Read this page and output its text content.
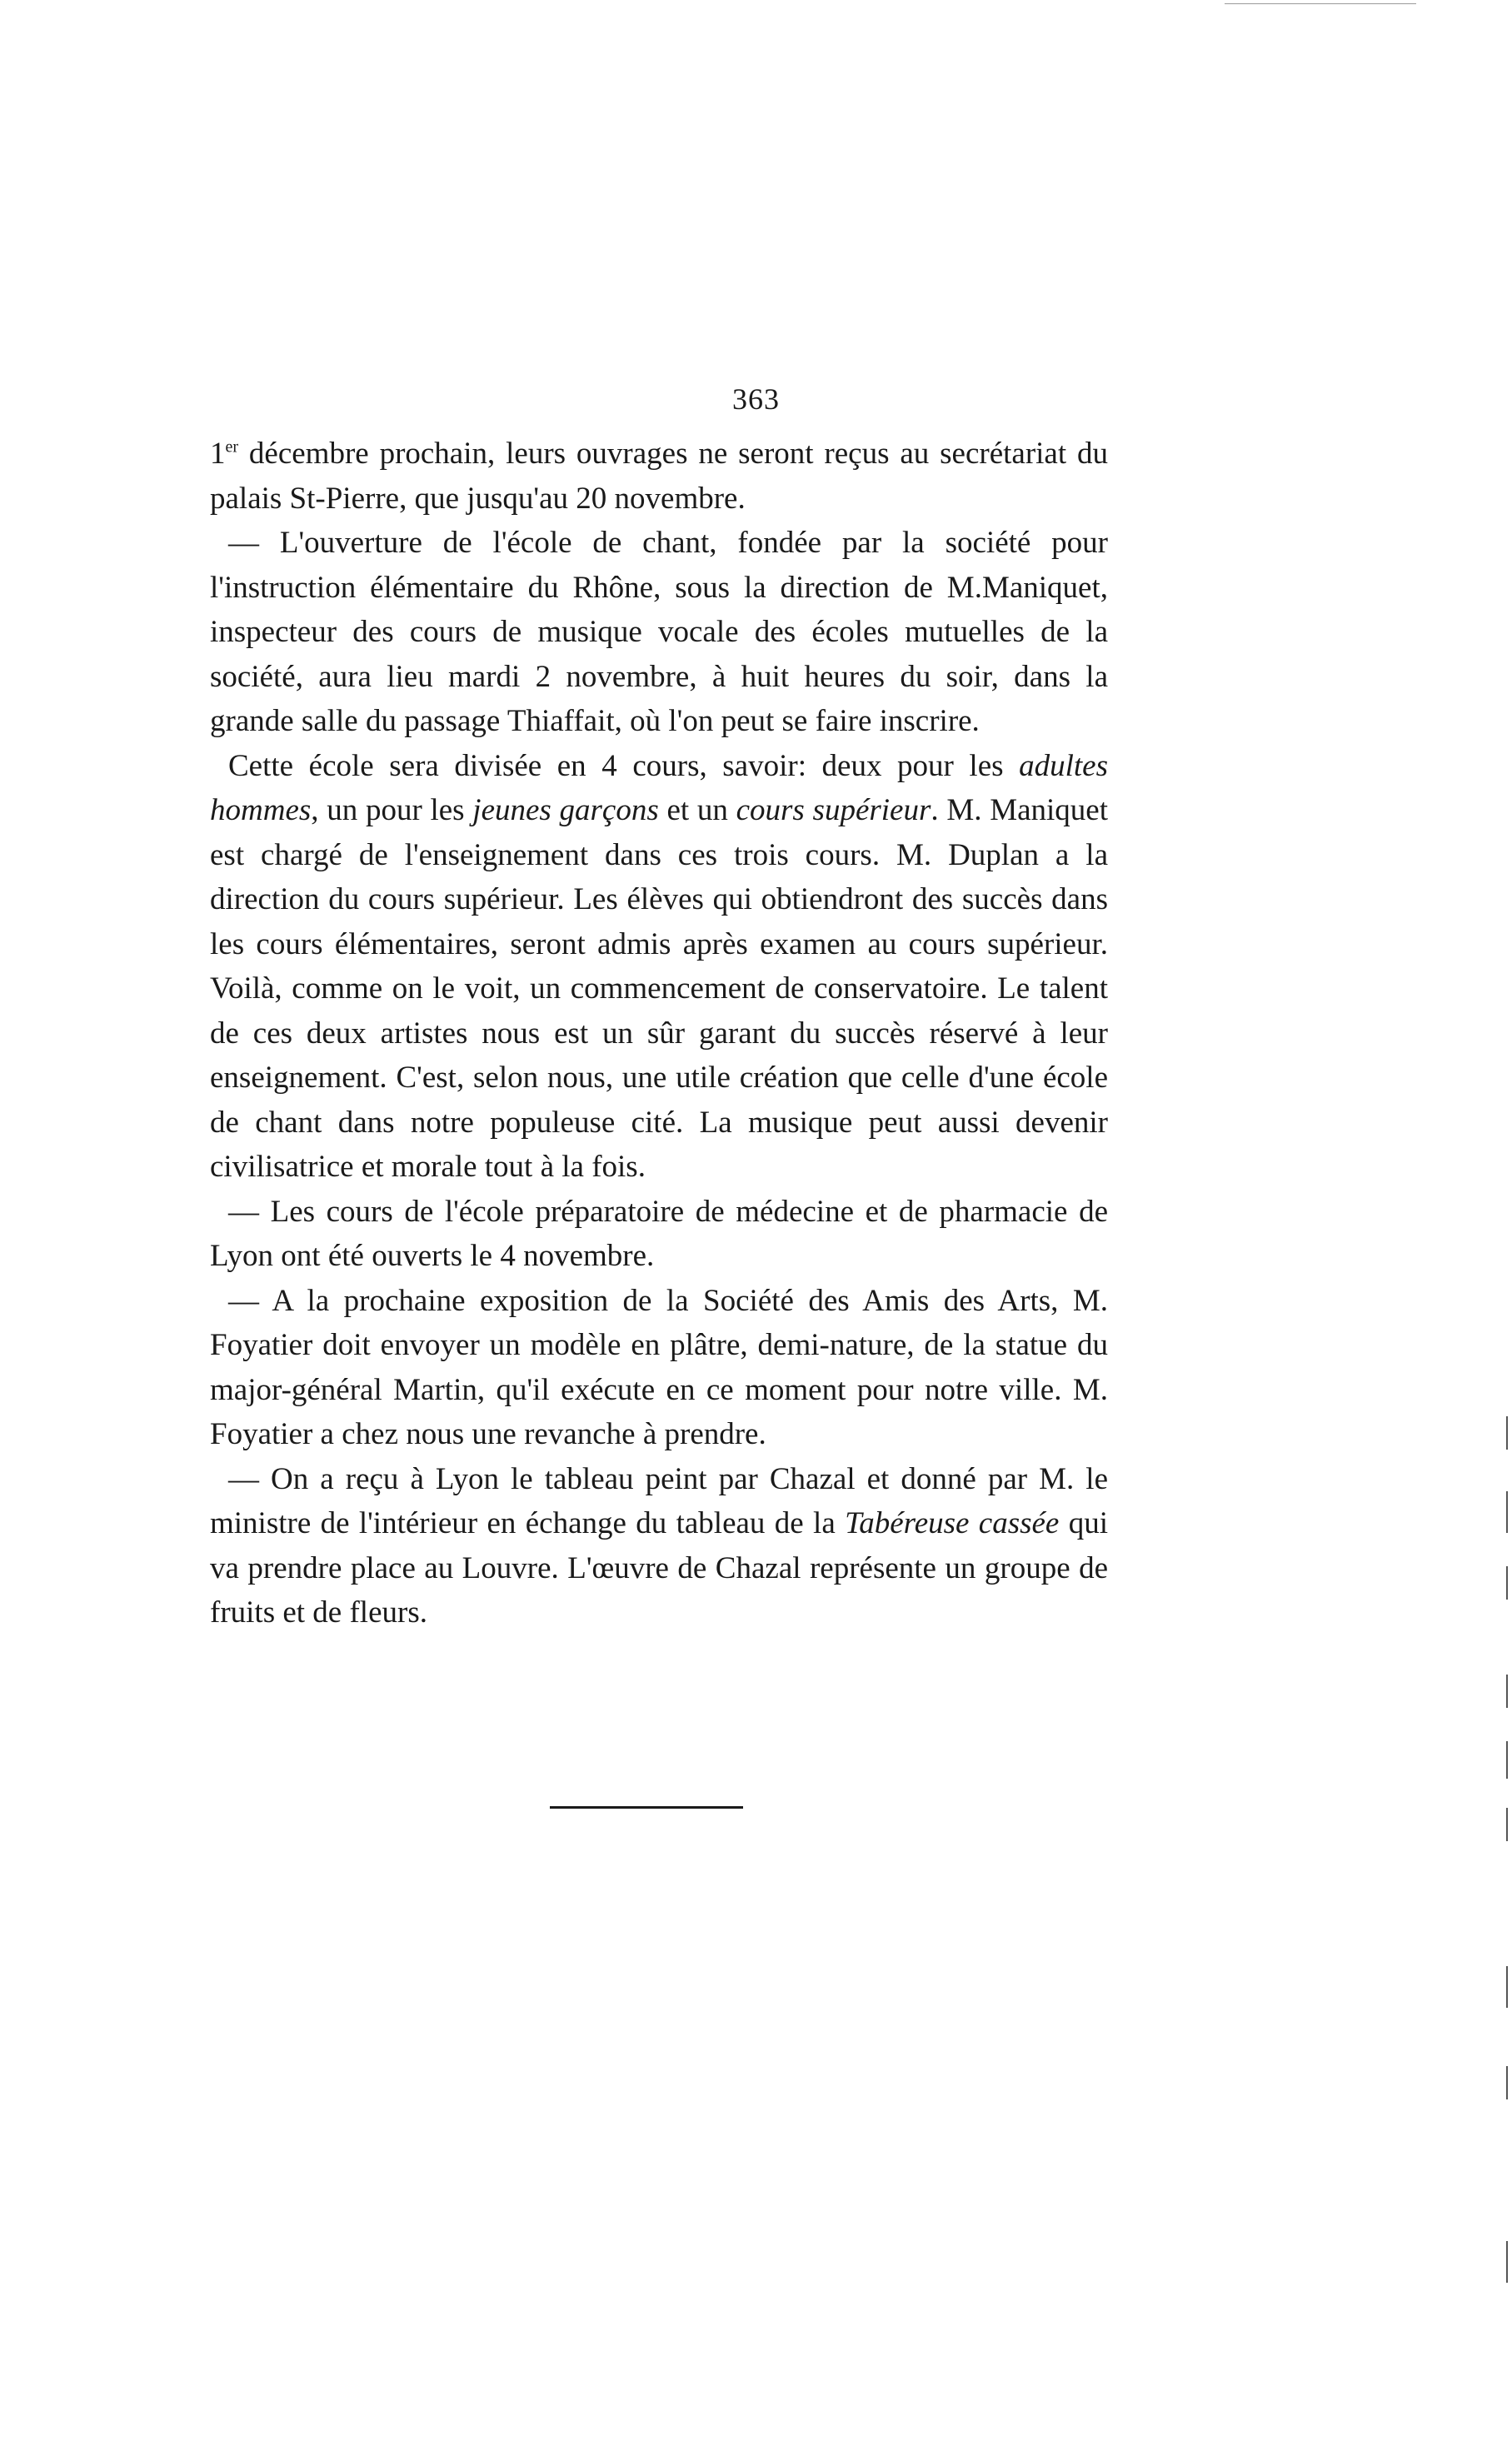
363

1er décembre prochain, leurs ouvrages ne seront reçus au secrétariat du palais St-Pierre, que jusqu'au 20 novembre.

— L'ouverture de l'école de chant, fondée par la société pour l'instruction élémentaire du Rhône, sous la direction de M.Maniquet, inspecteur des cours de musique vocale des écoles mutuelles de la société, aura lieu mardi 2 novembre, à huit heures du soir, dans la grande salle du passage Thiaffait, où l'on peut se faire inscrire.

Cette école sera divisée en 4 cours, savoir: deux pour les adultes hommes, un pour les jeunes garçons et un cours supérieur. M. Maniquet est chargé de l'enseignement dans ces trois cours. M. Duplan a la direction du cours supérieur. Les élèves qui obtiendront des succès dans les cours élémentaires, seront admis après examen au cours supérieur. Voilà, comme on le voit, un commencement de conservatoire. Le talent de ces deux artistes nous est un sûr garant du succès réservé à leur enseignement. C'est, selon nous, une utile création que celle d'une école de chant dans notre populeuse cité. La musique peut aussi devenir civilisatrice et morale tout à la fois.

— Les cours de l'école préparatoire de médecine et de pharmacie de Lyon ont été ouverts le 4 novembre.

— A la prochaine exposition de la Société des Amis des Arts, M. Foyatier doit envoyer un modèle en plâtre, demi-nature, de la statue du major-général Martin, qu'il exécute en ce moment pour notre ville. M. Foyatier a chez nous une revanche à prendre.

— On a reçu à Lyon le tableau peint par Chazal et donné par M. le ministre de l'intérieur en échange du tableau de la Tabéreuse cassée qui va prendre place au Louvre. L'œuvre de Chazal représente un groupe de fruits et de fleurs.
